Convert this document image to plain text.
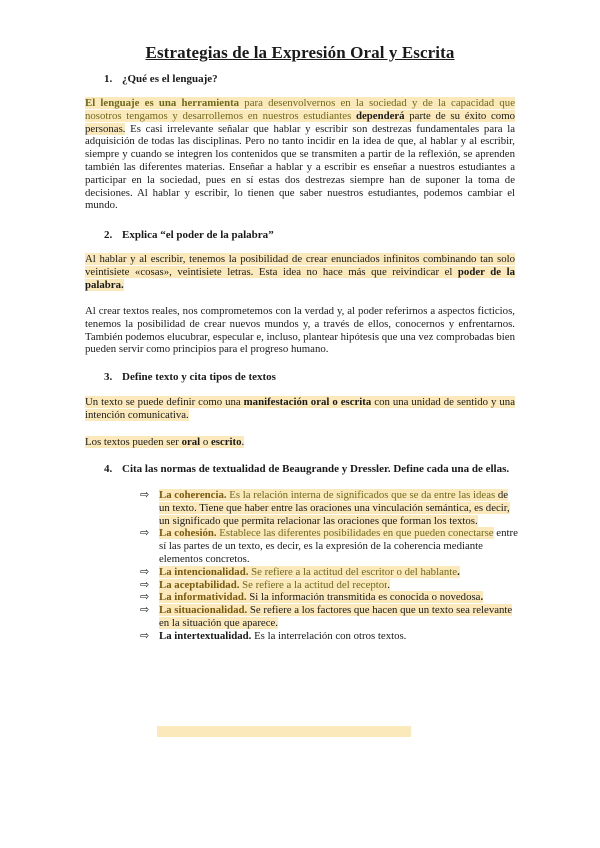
Estrategias de la Expresión Oral y Escrita

1. ¿Qué es el lenguaje?

El lenguaje es una herramienta para desenvolvernos en la sociedad y de la capacidad que nosotros tengamos y desarrollemos en nuestros estudiantes dependerá parte de su éxito como personas. Es casi irrelevante señalar que hablar y escribir son destrezas fundamentales para la adquisición de todas las disciplinas. Pero no tanto incidir en la idea de que, al hablar y al escribir, siempre y cuando se integren los contenidos que se transmiten a partir de la reflexión, se aprenden también las diferentes materias. Enseñar a hablar y a escribir es enseñar a nuestros estudiantes a participar en la sociedad, pues en sí estas dos destrezas siempre han de suponer la toma de decisiones. Al hablar y escribir, lo tienen que saber nuestros estudiantes, podemos cambiar el mundo.

2. Explica “el poder de la palabra”

Al hablar y al escribir, tenemos la posibilidad de crear enunciados infinitos combinando tan solo veintisiete «cosas», veintisiete letras. Esta idea no hace más que reivindicar el poder de la palabra.

Al crear textos reales, nos comprometemos con la verdad y, al poder referirnos a aspectos ficticios, tenemos la posibilidad de crear nuevos mundos y, a través de ellos, conocernos y enfrentarnos. También podemos elucubrar, especular e, incluso, plantear hipótesis que una vez comprobadas bien pueden servir como principios para el progreso humano.

3. Define texto y cita tipos de textos

Un texto se puede definir como una manifestación oral o escrita con una unidad de sentido y una intención comunicativa.

Los textos pueden ser oral o escrito.

4. Cita las normas de textualidad de Beaugrande y Dressler. Define cada una de ellas.

⇨ La coherencia. Es la relación interna de significados que se da entre las ideas de un texto. Tiene que haber entre las oraciones una vinculación semántica, es decir, un significado que permita relacionar las oraciones que forman los textos.
⇨ La cohesión. Establece las diferentes posibilidades en que pueden conectarse entre sí las partes de un texto, es decir, es la expresión de la coherencia mediante elementos concretos.
⇨ La intencionalidad. Se refiere a la actitud del escritor o del hablante.
⇨ La aceptabilidad. Se refiere a la actitud del receptor.
⇨ La informatividad. Si la información transmitida es conocida o novedosa.
⇨ La situacionalidad. Se refiere a los factores que hacen que un texto sea relevante en la situación que aparece.
⇨ La intertextualidad. Es la interrelación con otros textos.
